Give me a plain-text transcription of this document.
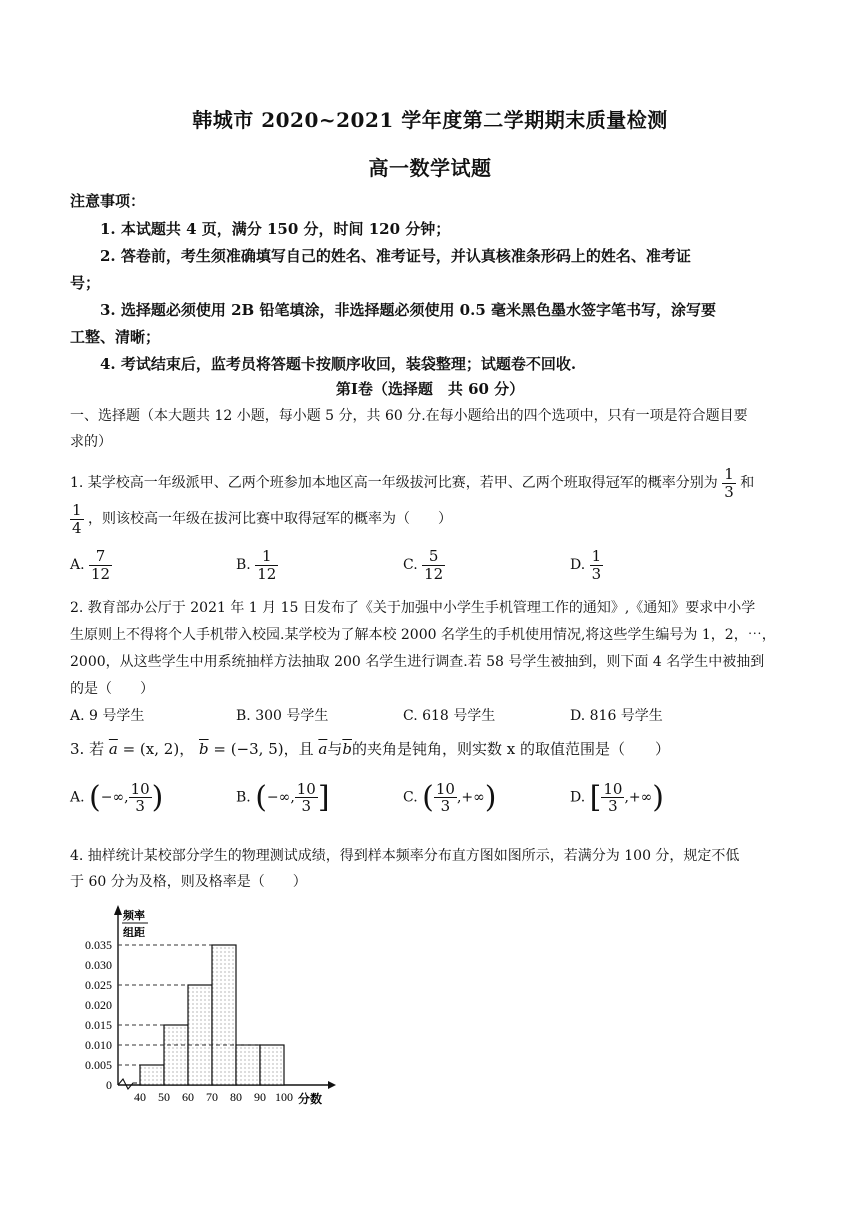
韩城市 2020~2021 学年度第二学期期末质量检测
高一数学试题
注意事项：
1. 本试题共 4 页，满分 150 分，时间 120 分钟；
2. 答卷前，考生须准确填写自己的姓名、准考证号，并认真核准条形码上的姓名、准考证
号；
3. 选择题必须使用 2B 铅笔填涂，非选择题必须使用 0.5 毫米黑色墨水签字笔书写，涂写要
工整、清晰；
4. 考试结束后，监考员将答题卡按顺序收回，装袋整理；试题卷不回收.
第Ⅰ卷（选择题　共 60 分）
一、选择题（本大题共 12 小题，每小题 5 分，共 60 分.在每小题给出的四个选项中，只有一项是符合题目要
求的）
1. 某学校高一年级派甲、乙两个班参加本地区高一年级拔河比赛，若甲、乙两个班取得冠军的概率分别为 $\frac{1}{3}$ 和
$\frac{1}{4}$ ，则该校高一年级在拔河比赛中取得冠军的概率为（　　）
A. $\frac{7}{12}$	B. $\frac{1}{12}$	C. $\frac{5}{12}$	D. $\frac{1}{3}$
2. 教育部办公厅于 2021 年 1 月 15 日发布了《关于加强中小学生手机管理工作的通知》,《通知》要求中小学
生原则上不得将个人手机带入校园.某学校为了解本校 2000 名学生的手机使用情况,将这些学生编号为 1，2，⋯，
2000，从这些学生中用系统抽样方法抽取 200 名学生进行调查.若 58 号学生被抽到，则下面 4 名学生中被抽到
的是（　　）
A. 9 号学生	B. 300 号学生	C. 618 号学生	D. 816 号学生
3. 若 $\overline{a} = (x$, 2)， $\overline{b} = (-3$, 5)，且 $\overline{a}$与$\overline{b}$的夹角是钝角，则实数 x 的取值范围是（　　）
A. (−∞, $\frac{10}{3}$ )	B. (−∞, $\frac{10}{3}$ ]	C. ( $\frac{10}{3}$ ,+∞)	D. [ $\frac{10}{3}$ ,+∞)
4. 抽样统计某校部分学生的物理测试成绩，得到样本频率分布直方图如图所示，若满分为 100 分，规定不低
于 60 分为及格，则及格率是（　　）
频率
组距
0
0.005
0.010
0.015
0.020
0.025
0.030
0.035
40 50 60 70 80 90 100 分数
